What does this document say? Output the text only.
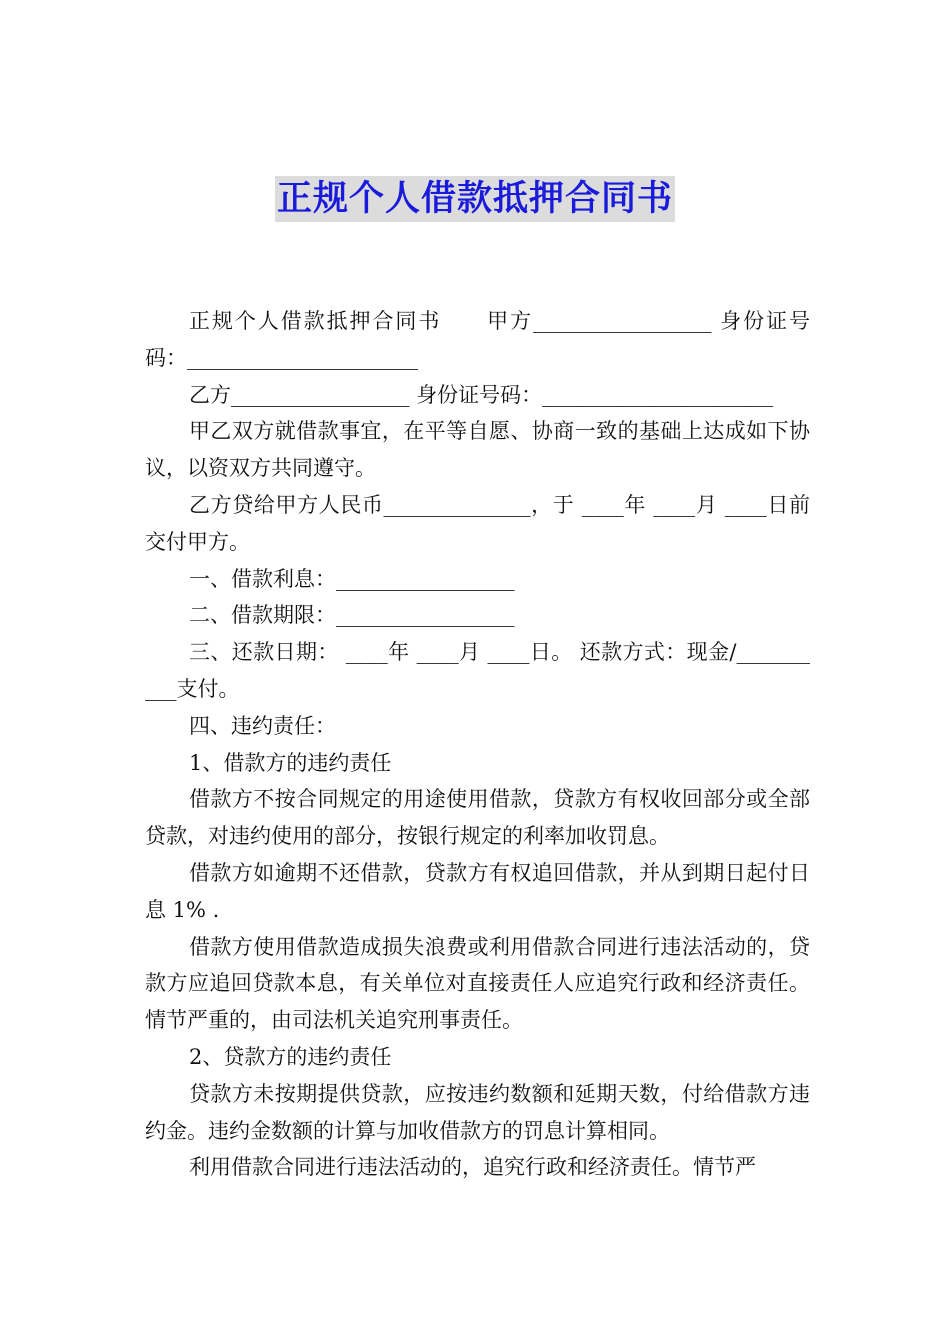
正规个人借款抵押合同书

正规个人借款抵押合同书　　甲方_________________ 身份证号码：______________________

乙方_________________ 身份证号码：______________________

甲乙双方就借款事宜，在平等自愿、协商一致的基础上达成如下协议，以资双方共同遵守。

乙方贷给甲方人民币______________，于 ____年 ____月 ____日前交付甲方。

一、借款利息：_________________

二、借款期限：_________________

三、还款日期： ____年 ____月 ____日。 还款方式：现金/__________支付。

四、违约责任：

1、借款方的违约责任

借款方不按合同规定的用途使用借款，贷款方有权收回部分或全部贷款，对违约使用的部分，按银行规定的利率加收罚息。

借款方如逾期不还借款，贷款方有权追回借款，并从到期日起付日息 1% .

借款方使用借款造成损失浪费或利用借款合同进行违法活动的，贷款方应追回贷款本息，有关单位对直接责任人应追究行政和经济责任。情节严重的，由司法机关追究刑事责任。

2、贷款方的违约责任

贷款方未按期提供贷款，应按违约数额和延期天数，付给借款方违约金。违约金数额的计算与加收借款方的罚息计算相同。

利用借款合同进行违法活动的，追究行政和经济责任。情节严
